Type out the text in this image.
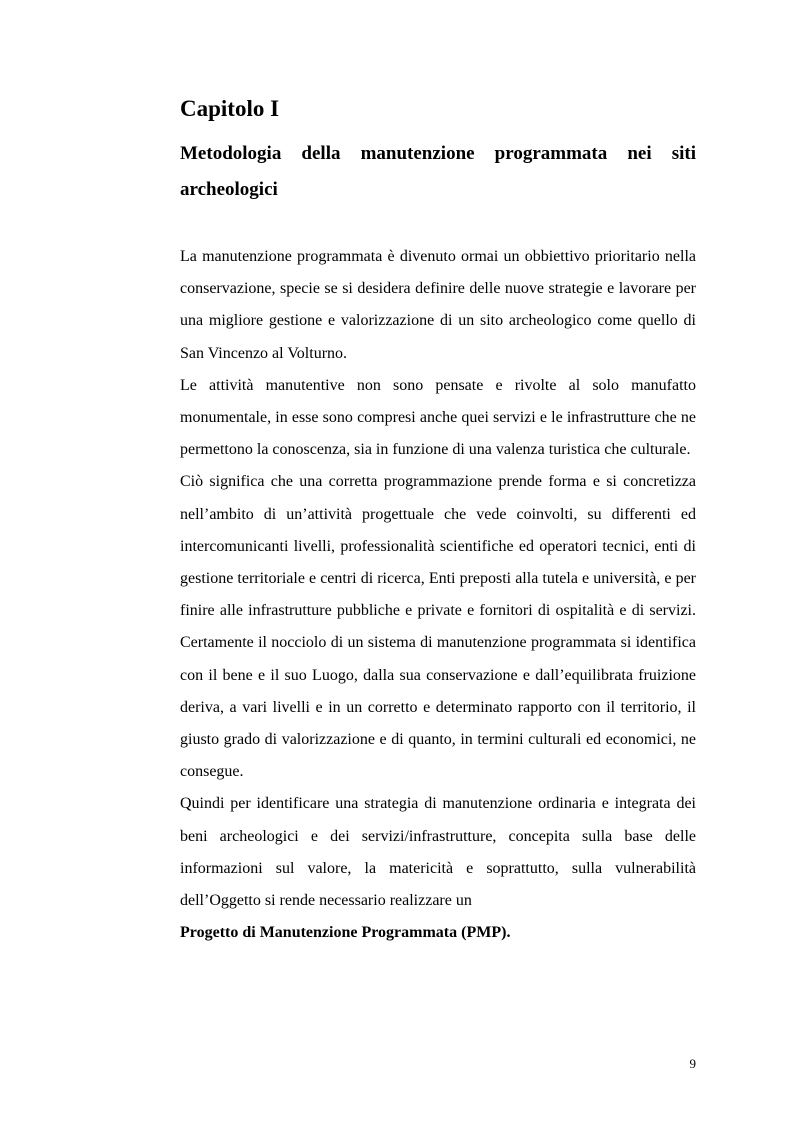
Capitolo I
Metodologia della manutenzione programmata nei siti archeologici

La manutenzione programmata è divenuto ormai un obbiettivo prioritario nella conservazione, specie se si desidera definire delle nuove strategie e lavorare per una migliore gestione e valorizzazione di un sito archeologico come quello di San Vincenzo al Volturno.

Le attività manutentive non sono pensate e rivolte al solo manufatto monumentale, in esse sono compresi anche quei servizi e le infrastrutture che ne permettono la conoscenza, sia in funzione di una valenza turistica che culturale.

Ciò significa che una corretta programmazione prende forma e si concretizza nell’ambito di un’attività progettuale che vede coinvolti, su differenti ed intercomunicanti livelli, professionalità scientifiche ed operatori tecnici, enti di gestione territoriale e centri di ricerca, Enti preposti alla tutela e università, e per finire alle infrastrutture pubbliche e private e fornitori di ospitalità e di servizi. Certamente il nocciolo di un sistema di manutenzione programmata si identifica con il bene e il suo Luogo, dalla sua conservazione e dall’equilibrata fruizione deriva, a vari livelli e in un corretto e determinato rapporto con il territorio, il giusto grado di valorizzazione e di quanto, in termini culturali ed economici, ne consegue.

Quindi per identificare una strategia di manutenzione ordinaria e integrata dei beni archeologici e dei servizi/infrastrutture, concepita sulla base delle informazioni sul valore, la matericità e soprattutto, sulla vulnerabilità dell’Oggetto si rende necessario realizzare un

Progetto di Manutenzione Programmata (PMP).

9
